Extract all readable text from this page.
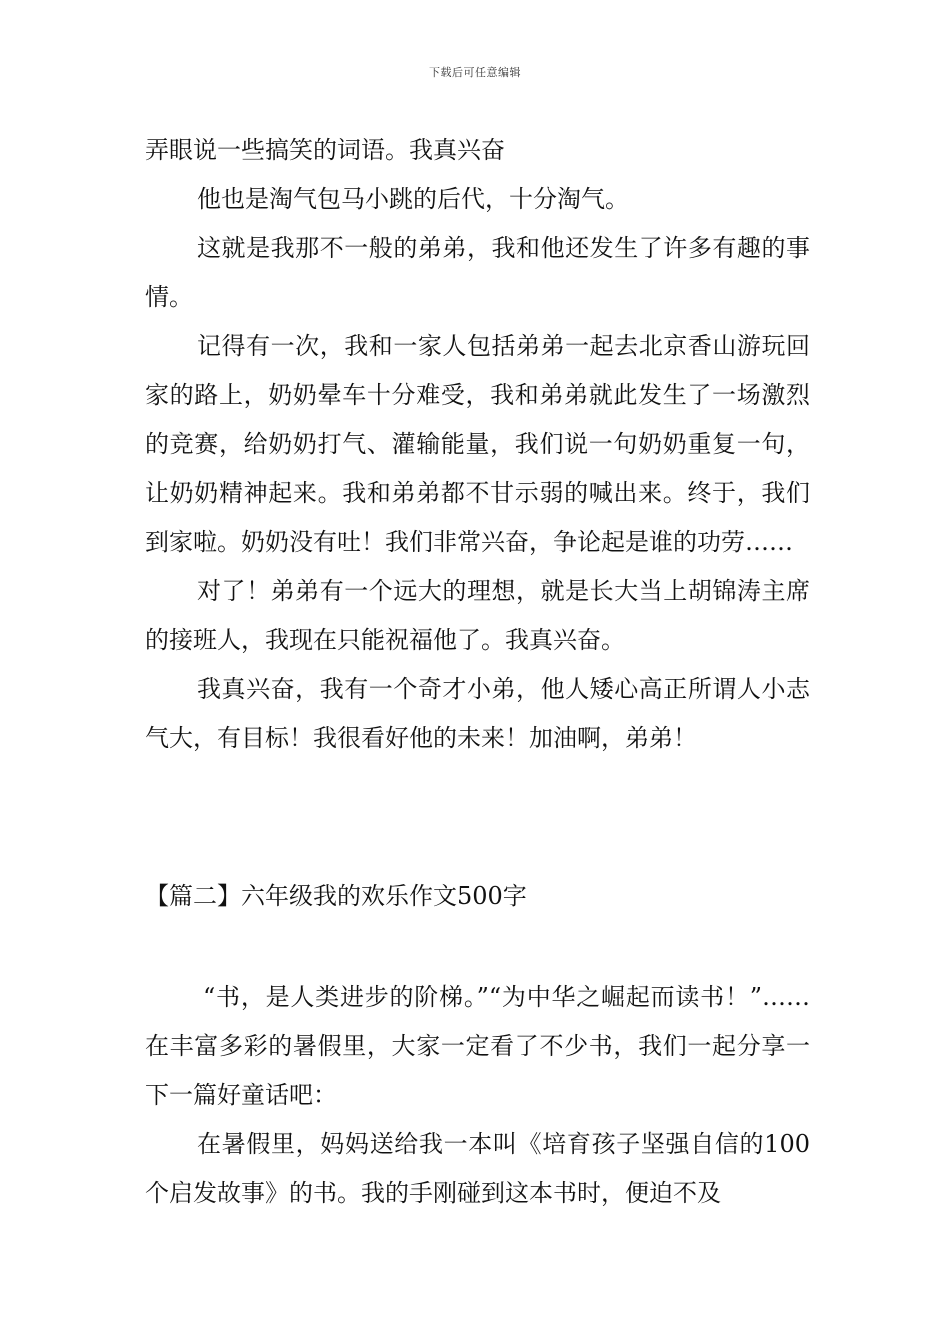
下载后可任意编辑

弄眼说一些搞笑的词语。我真兴奋

他也是淘气包马小跳的后代，十分淘气。

这就是我那不一般的弟弟，我和他还发生了许多有趣的事情。

记得有一次，我和一家人包括弟弟一起去北京香山游玩回家的路上，奶奶晕车十分难受，我和弟弟就此发生了一场激烈的竞赛，给奶奶打气、灌输能量，我们说一句奶奶重复一句，让奶奶精神起来。我和弟弟都不甘示弱的喊出来。终于，我们到家啦。奶奶没有吐！我们非常兴奋，争论起是谁的功劳……

对了！弟弟有一个远大的理想，就是长大当上胡锦涛主席的接班人，我现在只能祝福他了。我真兴奋。

我真兴奋，我有一个奇才小弟，他人矮心高正所谓人小志气大，有目标！我很看好他的未来！加油啊，弟弟！

【篇二】六年级我的欢乐作文500字

“书，是人类进步的阶梯。”“为中华之崛起而读书！”……在丰富多彩的暑假里，大家一定看了不少书，我们一起分享一下一篇好童话吧：

在暑假里，妈妈送给我一本叫《培育孩子坚强自信的100个启发故事》的书。我的手刚碰到这本书时，便迫不及
